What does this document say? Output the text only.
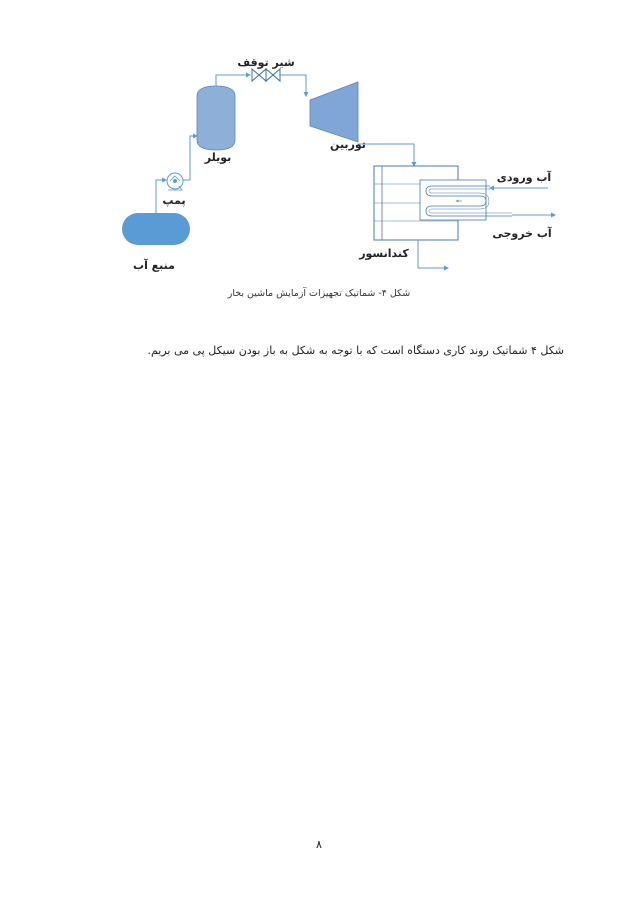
شیر توقف
توربین
بویلر
پمپ
منبع آب
کندانسور
آب ورودی
آب خروجی
شکل ۴- شماتیک تجهیزات آزمایش ماشین بخار
شکل ۴ شماتیک روند کاری دستگاه است که با توجه به شکل به باز بودن سیکل پی می بریم.
۸
